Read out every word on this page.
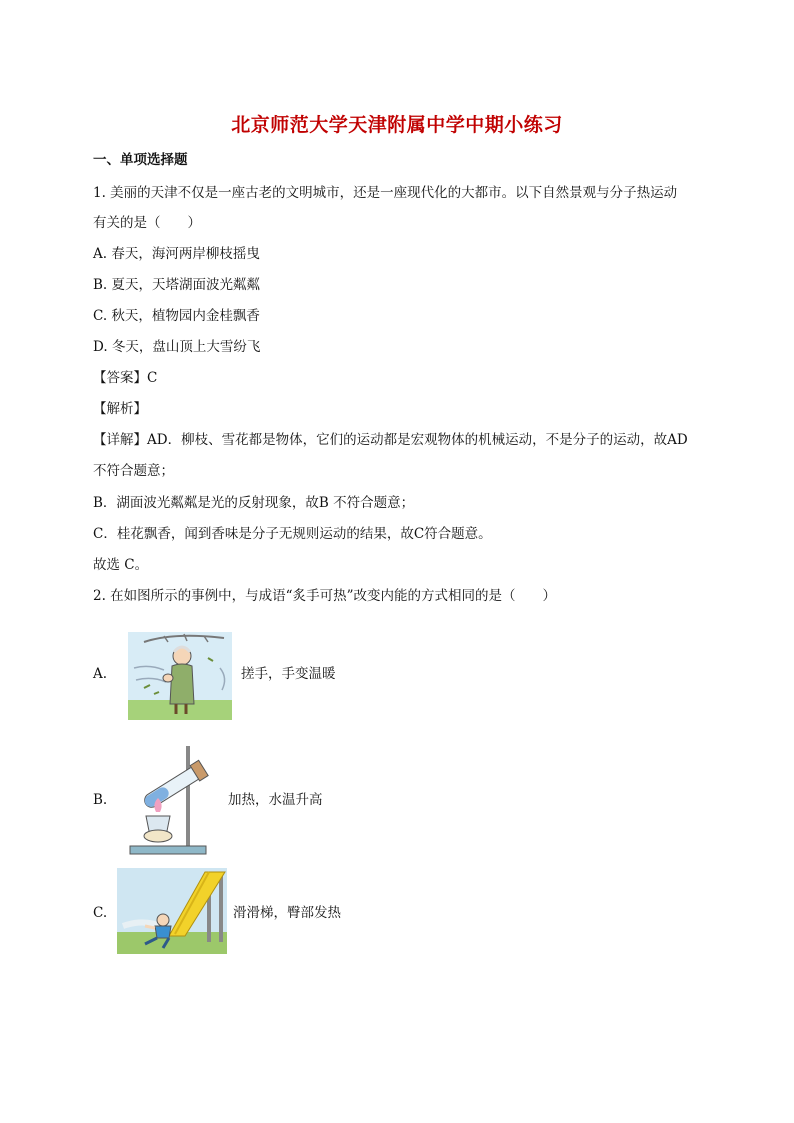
北京师范大学天津附属中学中期小练习
一、单项选择题
1. 美丽的天津不仅是一座古老的文明城市，还是一座现代化的大都市。以下自然景观与分子热运动
有关的是（　　）
A. 春天，海河两岸柳枝摇曳
B. 夏天，天塔湖面波光粼粼
C. 秋天，植物园内金桂飘香
D. 冬天，盘山顶上大雪纷飞
【答案】C
【解析】
【详解】AD．柳枝、雪花都是物体，它们的运动都是宏观物体的机械运动，不是分子的运动，故AD
不符合题意；
B．湖面波光粼粼是光的反射现象，故B 不符合题意；
C．桂花飘香，闻到香味是分子无规则运动的结果，故C符合题意。
故选 C。
2. 在如图所示的事例中，与成语“炙手可热”改变内能的方式相同的是（　　）
A.	搓手，手变温暖
B.	加热，水温升高
C.	滑滑梯，臀部发热
